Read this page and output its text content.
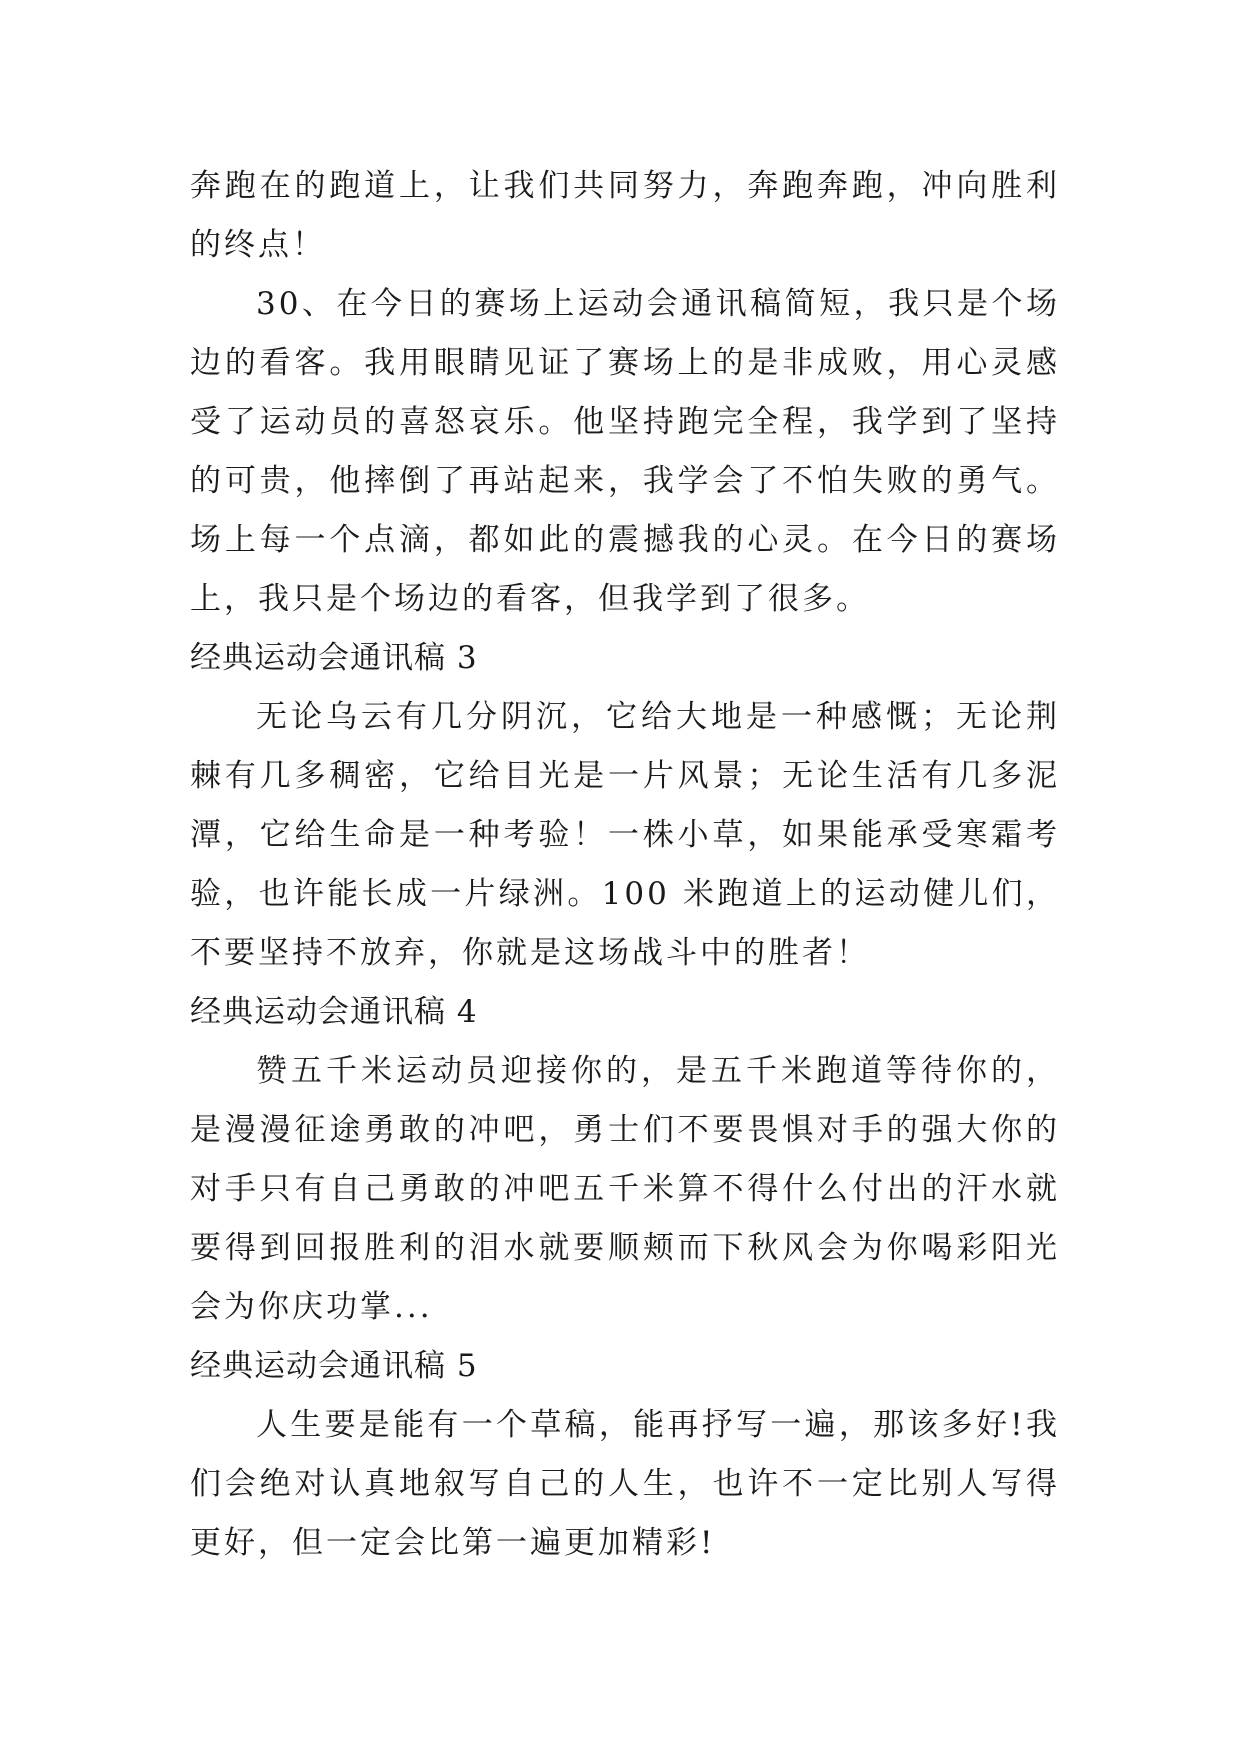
奔跑在的跑道上，让我们共同努力，奔跑奔跑，冲向胜利的终点！

30、在今日的赛场上运动会通讯稿简短，我只是个场边的看客。我用眼睛见证了赛场上的是非成败，用心灵感受了运动员的喜怒哀乐。他坚持跑完全程，我学到了坚持的可贵，他摔倒了再站起来，我学会了不怕失败的勇气。场上每一个点滴，都如此的震撼我的心灵。在今日的赛场上，我只是个场边的看客，但我学到了很多。

经典运动会通讯稿 3

无论乌云有几分阴沉，它给大地是一种感慨；无论荆棘有几多稠密，它给目光是一片风景；无论生活有几多泥潭，它给生命是一种考验！一株小草，如果能承受寒霜考验，也许能长成一片绿洲。100 米跑道上的运动健儿们，不要坚持不放弃，你就是这场战斗中的胜者！

经典运动会通讯稿 4

赞五千米运动员迎接你的，是五千米跑道等待你的，是漫漫征途勇敢的冲吧，勇士们不要畏惧对手的强大你的对手只有自己勇敢的冲吧五千米算不得什么付出的汗水就要得到回报胜利的泪水就要顺颊而下秋风会为你喝彩阳光会为你庆功掌...

经典运动会通讯稿 5

人生要是能有一个草稿，能再抒写一遍，那该多好!我们会绝对认真地叙写自己的人生，也许不一定比别人写得更好，但一定会比第一遍更加精彩!
